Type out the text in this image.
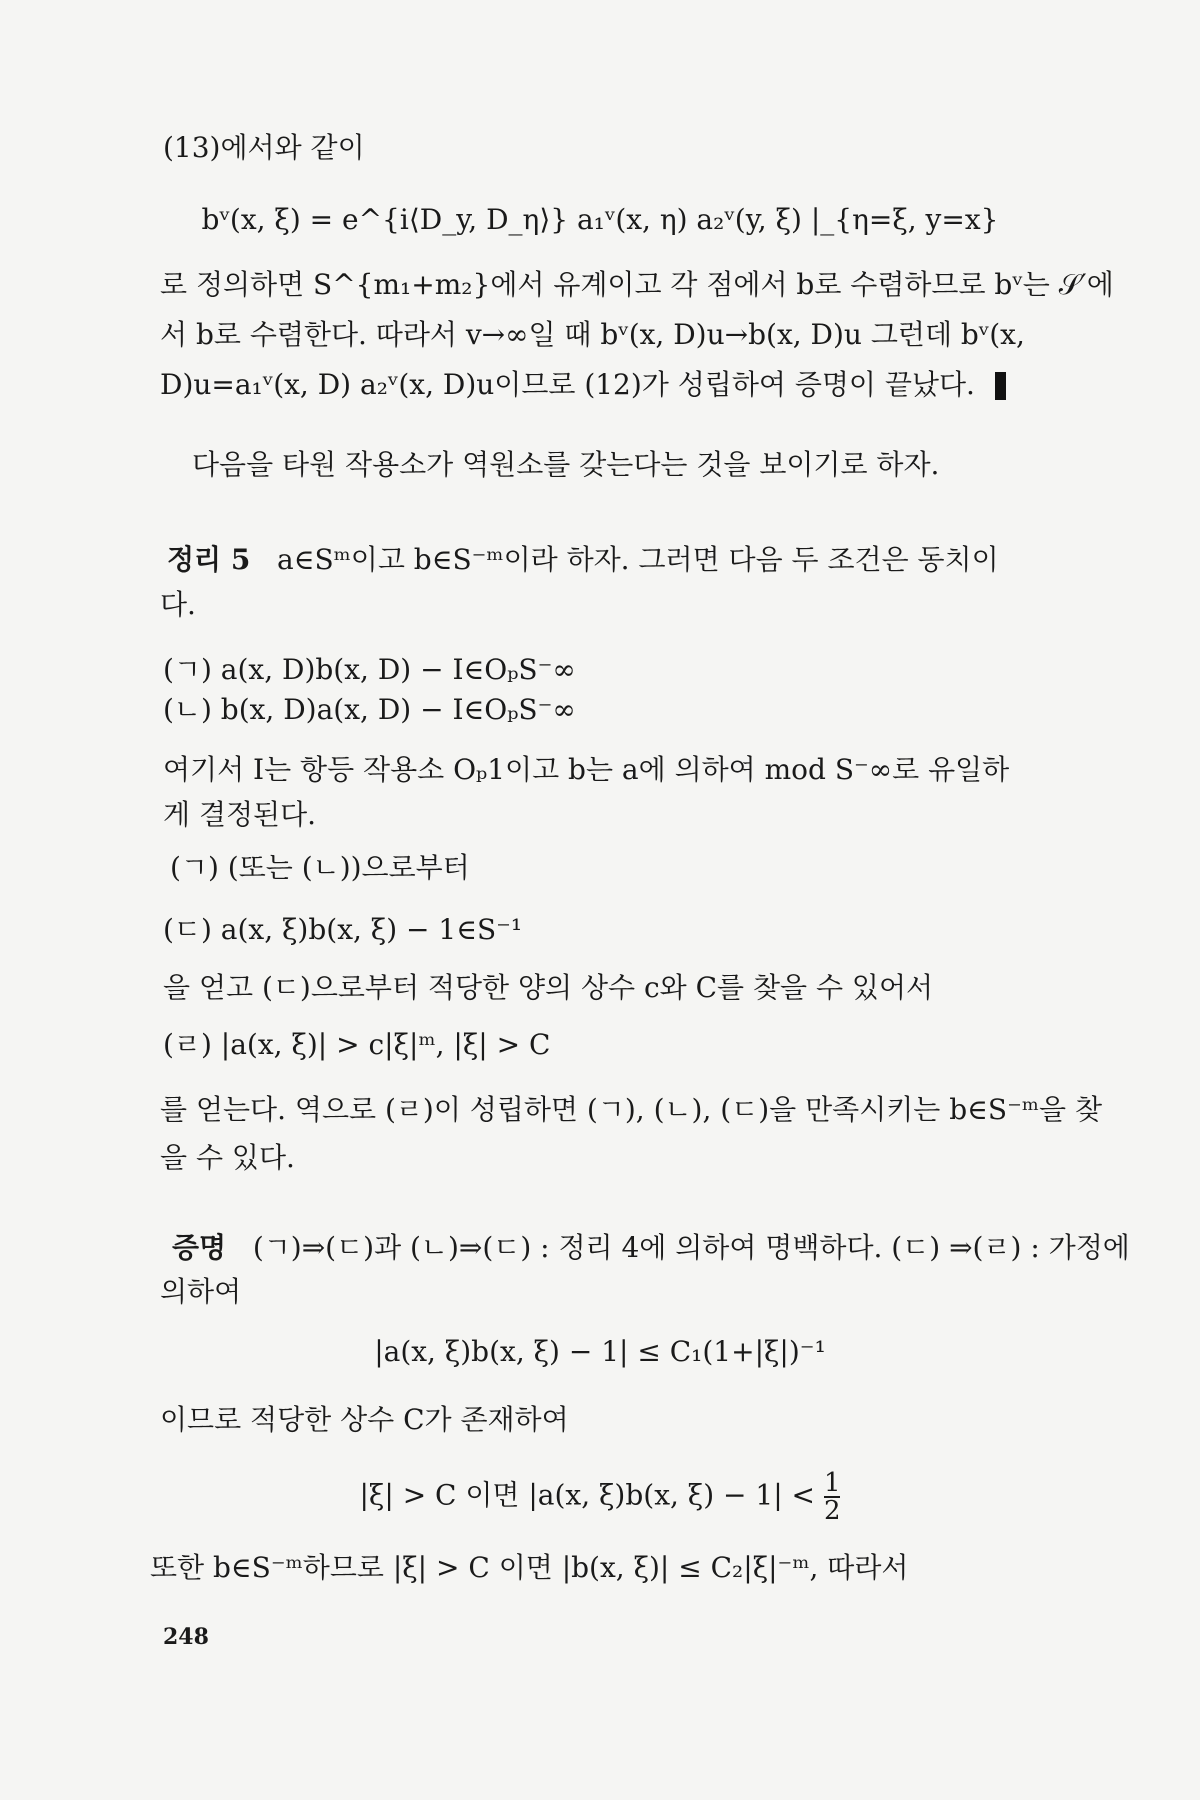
(13)에서와 같이
bᵛ(x, ξ) = e^{i⟨D_y, D_η⟩} a₁ᵛ(x, η) a₂ᵛ(y, ξ) |_{η=ξ, y=x}
로 정의하면 S^{m₁+m₂}에서 유계이고 각 점에서 b로 수렴하므로 bᵛ는 𝒮′에
서 b로 수렴한다. 따라서 v→∞일 때 bᵛ(x, D)u→b(x, D)u 그런데 bᵛ(x,
D)u=a₁ᵛ(x, D) a₂ᵛ(x, D)u이므로 (12)가 성립하여 증명이 끝났다.
다음을 타원 작용소가 역원소를 갖는다는 것을 보이기로 하자.
정리 5 a∈Sᵐ이고 b∈S⁻ᵐ이라 하자. 그러면 다음 두 조건은 동치이
다.
(ㄱ) a(x, D)b(x, D) − I∈OₚS⁻∞
(ㄴ) b(x, D)a(x, D) − I∈OₚS⁻∞
여기서 I는 항등 작용소 Oₚ1이고 b는 a에 의하여 mod S⁻∞로 유일하
게 결정된다.
(ㄱ) (또는 (ㄴ))으로부터
(ㄷ) a(x, ξ)b(x, ξ) − 1∈S⁻¹
을 얻고 (ㄷ)으로부터 적당한 양의 상수 c와 C를 찾을 수 있어서
(ㄹ) |a(x, ξ)| > c|ξ|ᵐ, |ξ| > C
를 얻는다. 역으로 (ㄹ)이 성립하면 (ㄱ), (ㄴ), (ㄷ)을 만족시키는 b∈S⁻ᵐ을 찾
을 수 있다.
증명 (ㄱ)⇒(ㄷ)과 (ㄴ)⇒(ㄷ) : 정리 4에 의하여 명백하다. (ㄷ) ⇒(ㄹ) : 가정에
의하여
|a(x, ξ)b(x, ξ) − 1| ≤ C₁(1+|ξ|)⁻¹
이므로 적당한 상수 C가 존재하여
|ξ| > C 이면 |a(x, ξ)b(x, $\xi) - 1| < \frac{1}{2}$
또한 b∈S⁻ᵐ하므로 |ξ| > C 이면 |b(x, ξ)| ≤ C₂|ξ|⁻ᵐ, 따라서
248
